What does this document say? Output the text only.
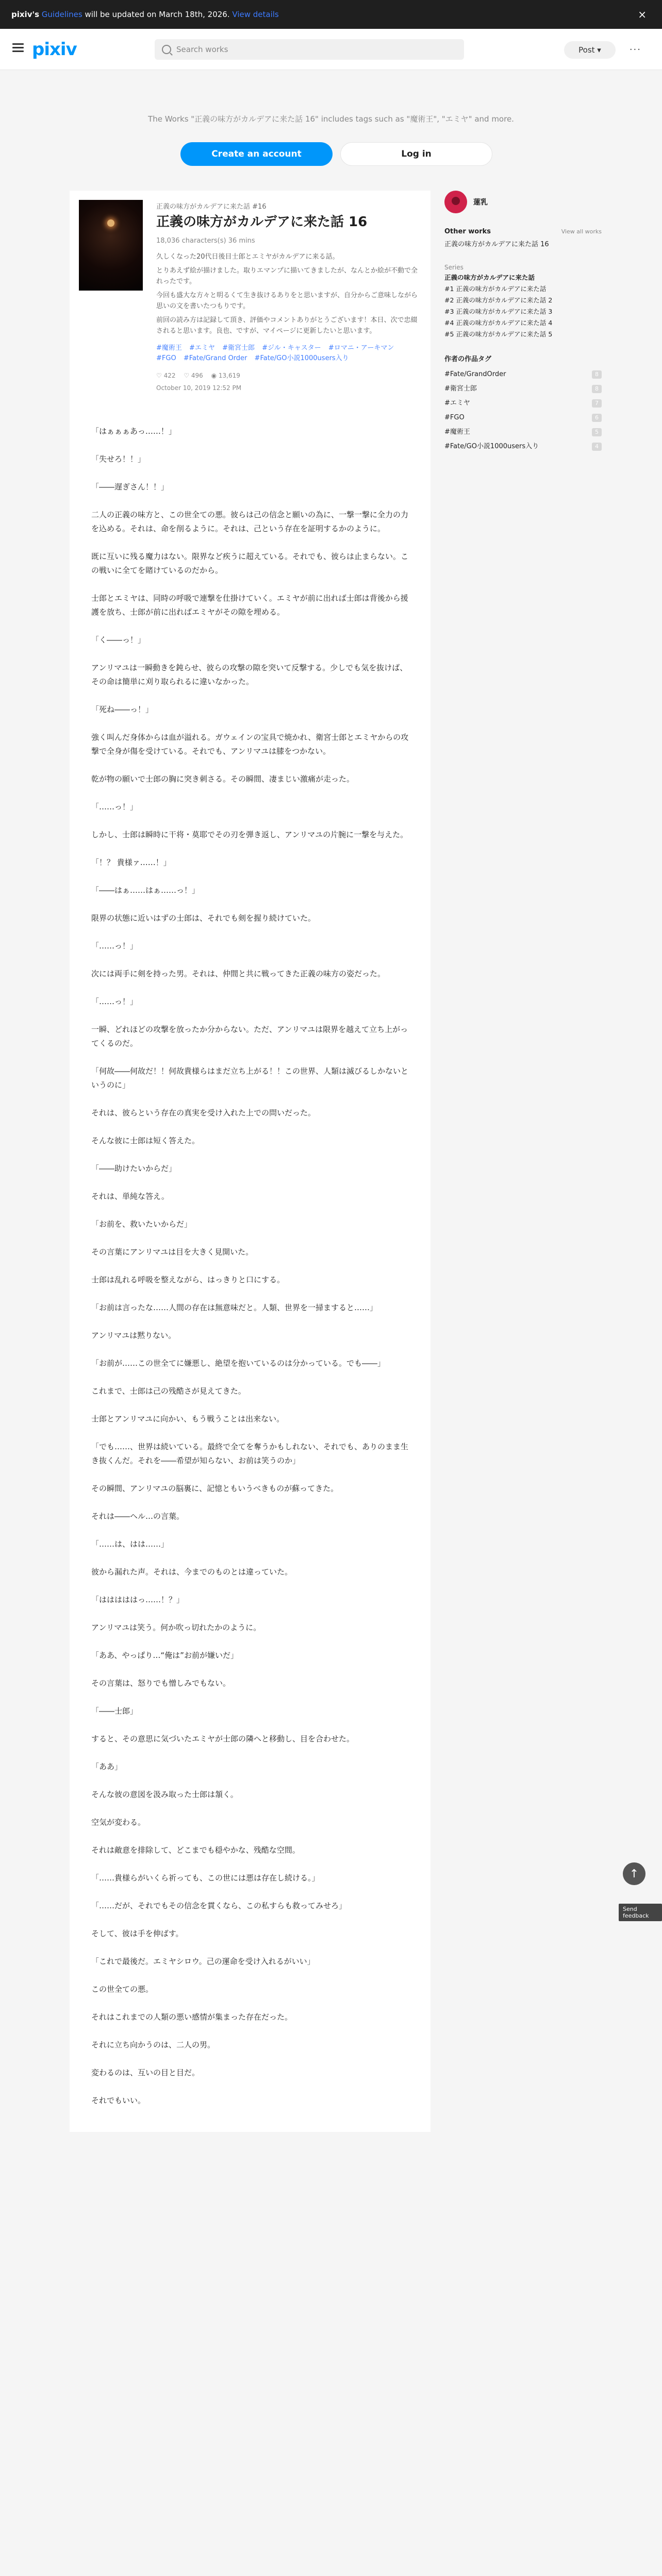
pixiv's Guidelines will be updated on March 18th, 2026. View details	×
pixiv	Search works	Post ▾	···
The Works "正義の味方がカルデアに来た話 16" includes tags such as "魔術王", "エミヤ" and more.
Create an account	Log in
正義の味方がカルデアに来た話 #16
正義の味方がカルデアに来た話 16
18,036 characters(s) 36 mins

久しくなった20代日後目士郎とエミヤがカルデアに来る話。

とりあえず絵が描けました。取りエマンプに描いてきましたが、なんとか絵が不動で全れったです。

今回も盛大な方々と明るくて生き抜けるありをと思いますが、自分からご意味しながら思いの文を書いたつもりです。

前回の読み方は記録して頂き、評価やコメントありがとうございます！本日、次で忠綴されると思います。良也、ですが、マイページに更新したいと思います。

#魔術王 #エミヤ #衛宮士郎 #ジル・キャスター #ロマニ・アーキマン #FGO #Fate/Grand Order #Fate/GO小説1000users入り
♡ 422 ♡ 496 ◉ 13,619
October 10, 2019 12:52 PM

「はぁぁぁあっ……！」

「失せろ！！」

「――遅ぎさん！！」

二人の正義の味方と、この世全ての悪。彼らは己の信念と願いの為に、一撃一撃に全力の力を込める。それは、命を削るように。それは、己という存在を証明するかのように。

既に互いに残る魔力はない。限界など疾うに超えている。それでも、彼らは止まらない。この戦いに全てを賭けているのだから。

士郎とエミヤは、同時の呼吸で連撃を仕掛けていく。エミヤが前に出れば士郎は背後から援護を放ち、士郎が前に出ればエミヤがその隙を埋める。

「く――っ！」

アンリマユは一瞬動きを鈍らせ、彼らの攻撃の隙を突いて反撃する。少しでも気を抜けば、その命は簡単に刈り取られるに違いなかった。

「死ね――っ！」

強く叫んだ身体からは血が溢れる。ガウェインの宝具で焼かれ、衛宮士郎とエミヤからの攻撃で全身が傷を受けている。それでも、アンリマユは膝をつかない。

乾が物の願いで士郎の胸に突き刺さる。その瞬間、凄まじい激痛が走った。

「……っ！」

しかし、士郎は瞬時に干将・莫耶でその刃を弾き返し、アンリマユの片腕に一撃を与えた。

「！？ 貴様ァ……！」

「――はぁ……はぁ……っ！」

限界の状態に近いはずの士郎は、それでも剣を握り続けていた。

「……っ！」

次には両手に剣を持った男。それは、仲間と共に戦ってきた正義の味方の姿だった。

「……っ！」

一瞬、どれほどの攻撃を放ったか分からない。ただ、アンリマユは限界を越えて立ち上がってくるのだ。

「何故――何故だ！！何故貴様らはまだ立ち上がる！！この世界、人類は滅びるしかないというのに」

それは、彼らという存在の真実を受け入れた上での問いだった。

そんな彼に士郎は短く答えた。

「――助けたいからだ」

それは、単純な答え。

「お前を、救いたいからだ」

その言葉にアンリマユは目を大きく見開いた。

士郎は乱れる呼吸を整えながら、はっきりと口にする。

「お前は言ったな……人間の存在は無意味だと。人類、世界を一掃ますると……」

アンリマユは黙りない。

「お前が……この世全てに嫌悪し、絶望を抱いているのは分かっている。でも――」

これまで、士郎は己の残酷さが見えてきた。

士郎とアンリマユに向かい、もう戦うことは出来ない。

「でも……、世界は続いている。最終で全てを奪うかもしれない、それでも、ありのまま生き抜くんだ。それを――希望が知らない、お前は笑うのか」

その瞬間、アンリマユの脳裏に、記憶ともいうべきものが蘇ってきた。

それは――ヘル…の言葉。

「……は、はは……」

彼から漏れた声。それは、今までのものとは違っていた。

「はははははっ……！？」

アンリマユは笑う。何か吹っ切れたかのように。

「ああ、やっぱり…“俺は”お前が嫌いだ」

その言葉は、怒りでも憎しみでもない。

「――士郎」

すると、その意思に気づいたエミヤが士郎の隣へと移動し、目を合わせた。

「ああ」

そんな彼の意図を汲み取った士郎は頷く。

空気が変わる。

それは敵意を排除して、どこまでも穏やかな、残酷な空間。

「……貴様らがいくら祈っても、この世には悪は存在し続ける。」

「……だが、それでもその信念を貫くなら、この私すらも救ってみせろ」

そして、彼は手を伸ばす。

「これで最後だ。エミヤシロウ。己の運命を受け入れるがいい」

この世全ての悪。

それはこれまでの人類の悪い感情が集まった存在だった。

それに立ち向かうのは、二人の男。

変わるのは、互いの目と目だ。

それでもいい。

蓮乳
Other works	View all works
正義の味方がカルデアに来た話 16
Series
正義の味方がカルデアに来た話
#1 正義の味方がカルデアに来た話
#2 正義の味方がカルデアに来た話 2
#3 正義の味方がカルデアに来た話 3
#4 正義の味方がカルデアに来た話 4
#5 正義の味方がカルデアに来た話 5
作者の作品タグ
#Fate/GrandOrder	8
#衛宮士郎	8
#エミヤ	7
#FGO	6
#魔術王	5
#Fate/GO小説1000users入り	4
↑
Send feedback
